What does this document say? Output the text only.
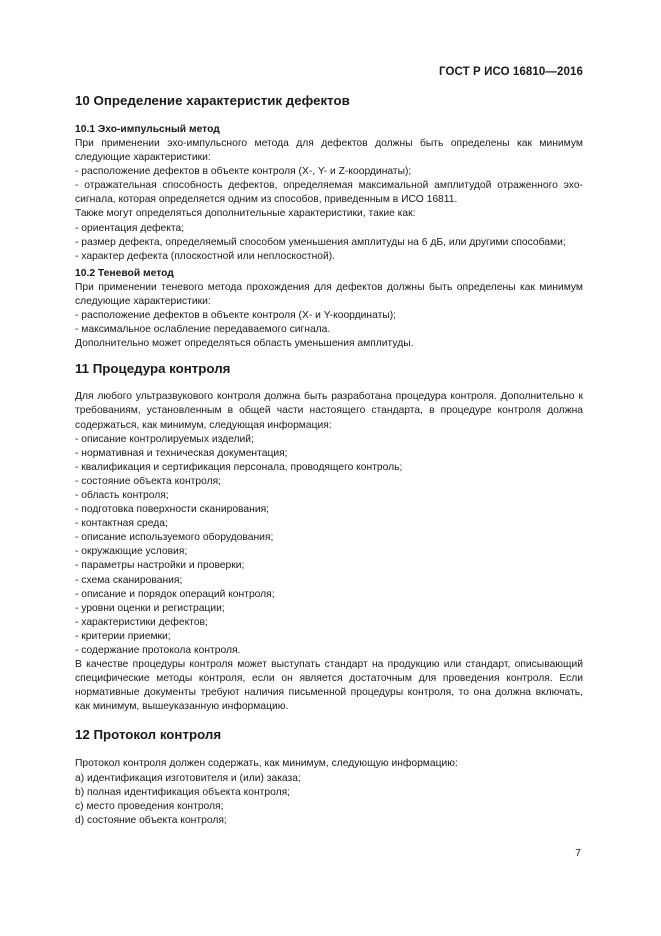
ГОСТ Р ИСО 16810—2016
10 Определение характеристик дефектов
10.1 Эхо-импульсный метод

При применении эхо-импульсного метода для дефектов должны быть определены как минимум следующие характеристики:

- расположение дефектов в объекте контроля (X-, Y- и Z-координаты);

- отражательная способность дефектов, определяемая максимальной амплитудой отраженного эхо-сигнала, которая определяется одним из способов, приведенным в ИСО 16811.

Также могут определяться дополнительные характеристики, такие как:

- ориентация дефекта;

- размер дефекта, определяемый способом уменьшения амплитуды на 6 дБ, или другими способами;

- характер дефекта (плоскостной или неплоскостной).

10.2 Теневой метод

При применении теневого метода прохождения для дефектов должны быть определены как минимум следующие характеристики:

- расположение дефектов в объекте контроля (X- и Y-координаты);

- максимальное ослабление передаваемого сигнала.

Дополнительно может определяться область уменьшения амплитуды.

11 Процедура контроля

Для любого ультразвукового контроля должна быть разработана процедура контроля. Дополнительно к требованиям, установленным в общей части настоящего стандарта, в процедуре контроля должна содержаться, как минимум, следующая информация:

- описание контролируемых изделий;

- нормативная и техническая документация;

- квалификация и сертификация персонала, проводящего контроль;

- состояние объекта контроля;

- область контроля;

- подготовка поверхности сканирования;

- контактная среда;

- описание используемого оборудования;

- окружающие условия;

- параметры настройки и проверки;

- схема сканирования;

- описание и порядок операций контроля;

- уровни оценки и регистрации;

- характеристики дефектов;

- критерии приемки;

- содержание протокола контроля.

В качестве процедуры контроля может выступать стандарт на продукцию или стандарт, описывающий специфические методы контроля, если он является достаточным для проведения контроля. Если нормативные документы требуют наличия письменной процедуры контроля, то она должна включать, как минимум, вышеуказанную информацию.

12 Протокол контроля

Протокол контроля должен содержать, как минимум, следующую информацию:

a) идентификация изготовителя и (или) заказа;

b) полная идентификация объекта контроля;

c) место проведения контроля;

d) состояние объекта контроля;

7
